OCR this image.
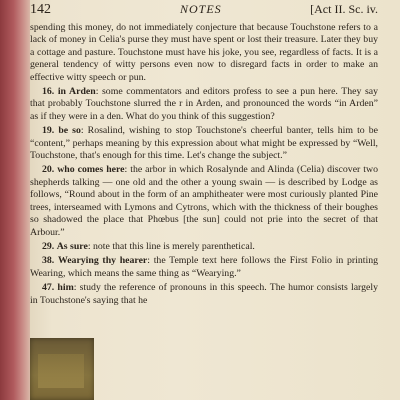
142	NOTES	[Act II. Sc. iv.

spending this money, do not immediately conjecture that because Touchstone refers to a lack of money in Celia's purse they must have spent or lost their treasure. Later they buy a cottage and pasture. Touchstone must have his joke, you see, regardless of facts. It is a general tendency of witty persons even now to disregard facts in order to make an effective witty speech or pun.

16. in Arden: some commentators and editors profess to see a pun here. They say that probably Touchstone slurred the r in Arden, and pronounced the words “in Arden” as if they were in a den. What do you think of this suggestion?

19. be so: Rosalind, wishing to stop Touchstone's cheerful banter, tells him to be “content,” perhaps meaning by this expression about what might be expressed by “Well, Touchstone, that's enough for this time. Let's change the subject.”

20. who comes here: the arbor in which Rosalynde and Alinda (Celia) discover two shepherds talking — one old and the other a young swain — is described by Lodge as follows, “Round about in the form of an amphitheater were most curiously planted Pine trees, interseamed with Lymons and Cytrons, which with the thickness of their boughes so shadowed the place that Phœbus [the sun] could not prie into the secret of that Arbour.”

29. As sure: note that this line is merely parenthetical.

38. Wearying thy hearer: the Temple text here follows the First Folio in printing Wearing, which means the same thing as “Wearying.”

47. him: study the reference of pronouns in this speech. The humor consists largely in Touchstone's saying that he
